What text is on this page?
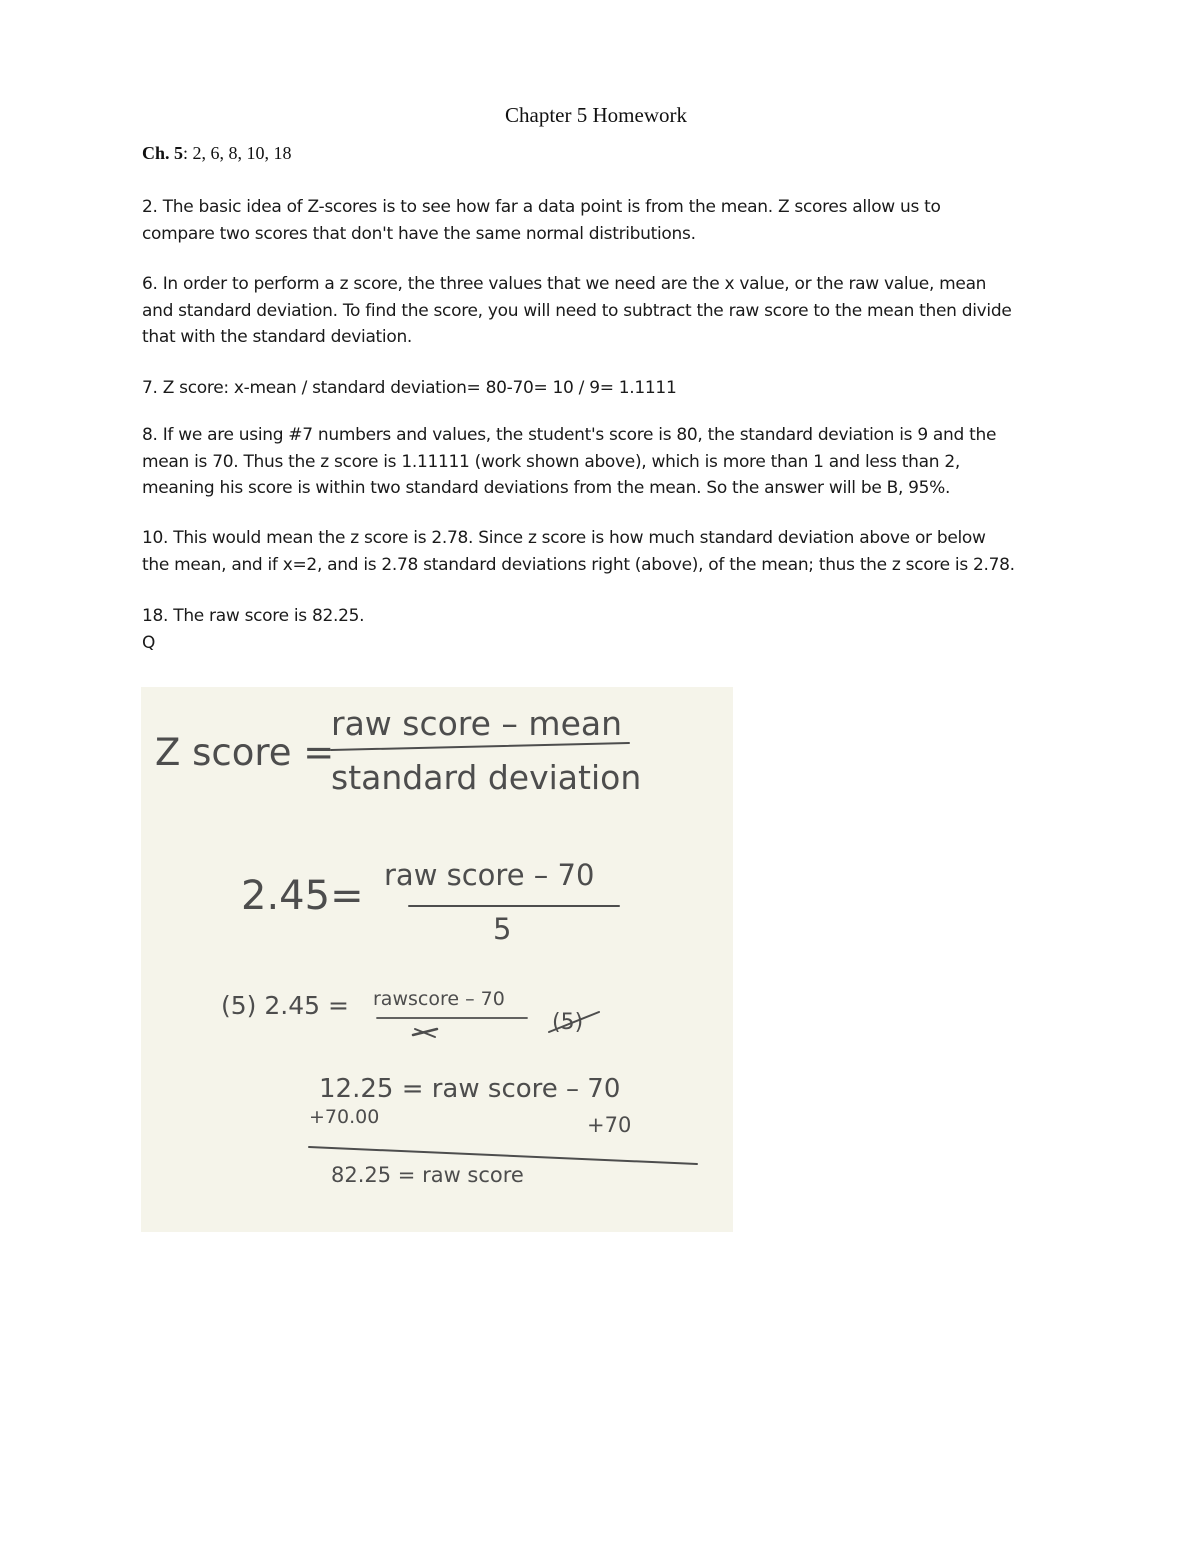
Chapter 5 Homework
Ch. 5: 2, 6, 8, 10, 18

2. The basic idea of Z-scores is to see how far a data point is from the mean. Z scores allow us to
compare two scores that don't have the same normal distributions.

6. In order to perform a z score, the three values that we need are the x value, or the raw value, mean
and standard deviation. To find the score, you will need to subtract the raw score to the mean then divide
that with the standard deviation.

7. Z score: x-mean / standard deviation= 80-70= 10 / 9= 1.1111

8. If we are using #7 numbers and values, the student's score is 80, the standard deviation is 9 and the
mean is 70. Thus the z score is 1.11111 (work shown above), which is more than 1 and less than 2,
meaning his score is within two standard deviations from the mean. So the answer will be B, 95%.

10. This would mean the z score is 2.78. Since z score is how much standard deviation above or below
the mean, and if x=2, and is 2.78 standard deviations right (above), of the mean; thus the z score is 2.78.

18. The raw score is 82.25.
Q

Z score =
raw score – mean
standard deviation
2.45= raw score – 70
5
(5) 2.45 = rawscore – 70
(5)
12.25 = raw score – 70
+70.00	+70
82.25 = raw score
